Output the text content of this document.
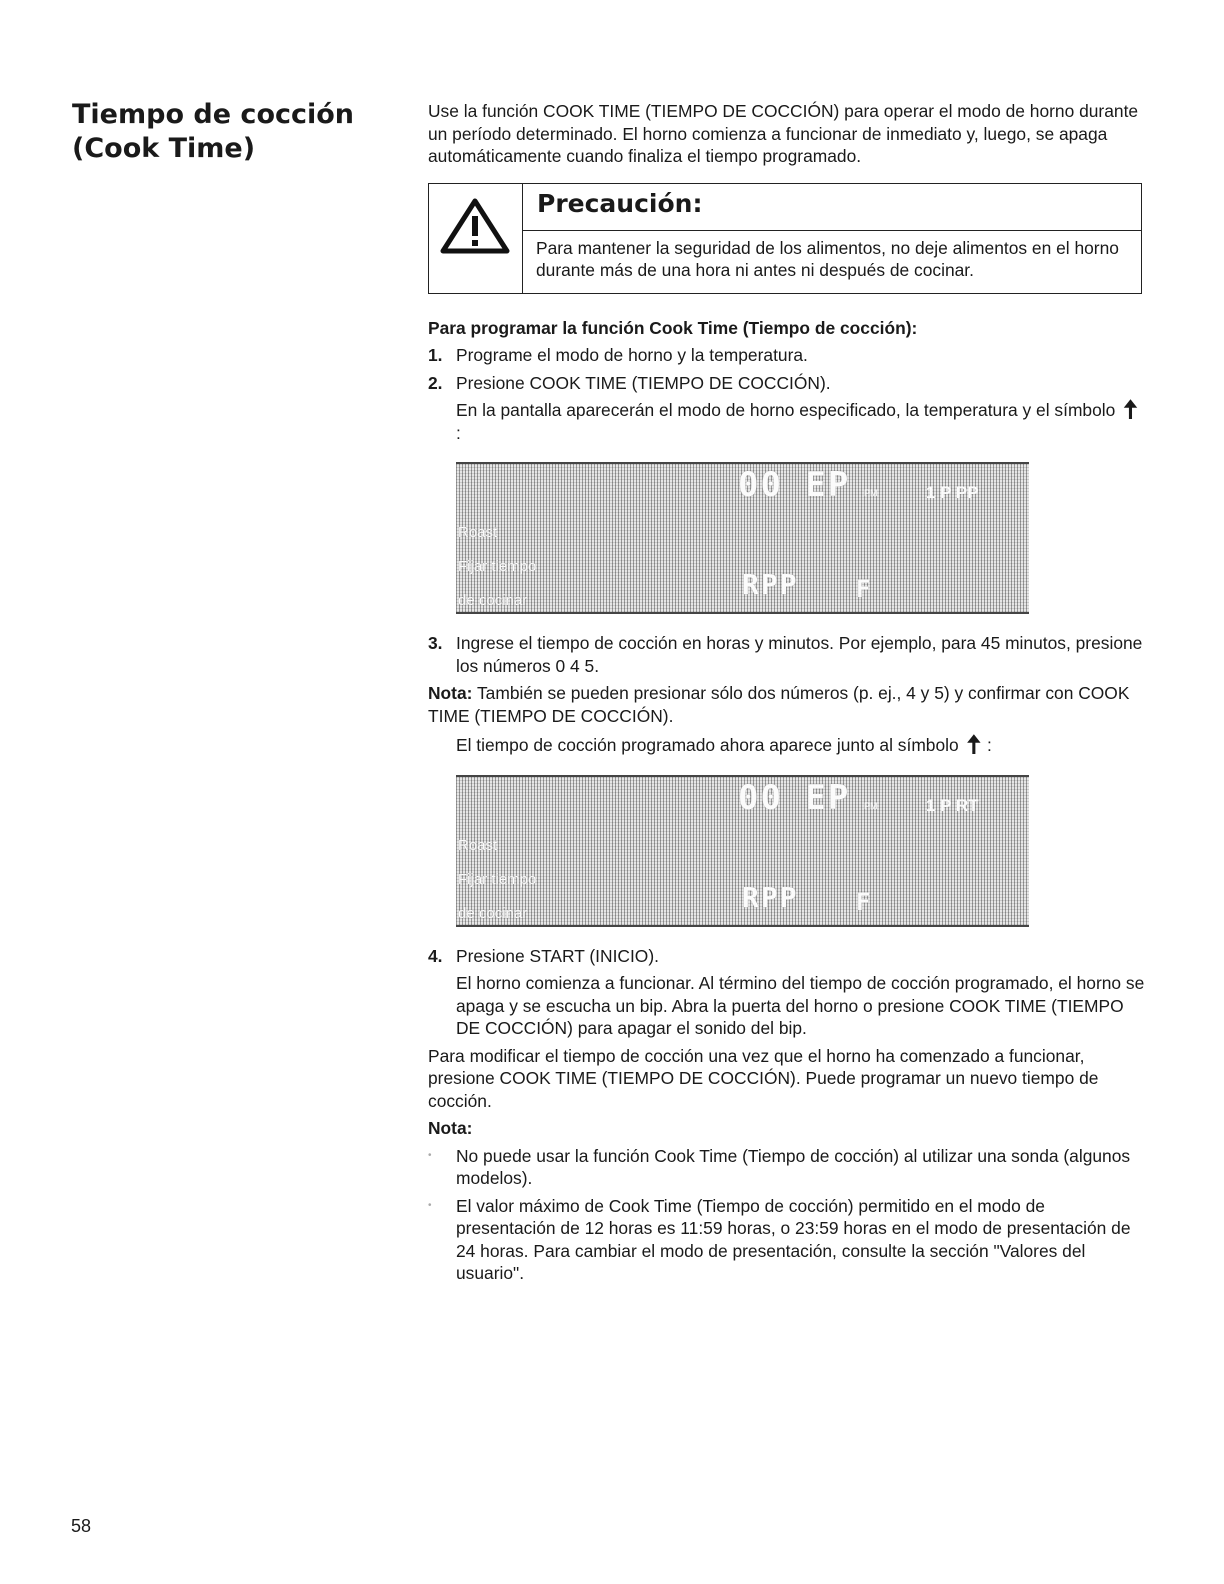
Tiempo de cocción (Cook Time)

Use la función COOK TIME (TIEMPO DE COCCIÓN) para operar el modo de horno durante un período determinado. El horno comienza a funcionar de inmediato y, luego, se apaga automáticamente cuando finaliza el tiempo programado.

Precaución:
Para mantener la seguridad de los alimentos, no deje alimentos en el horno durante más de una hora ni antes ni después de cocinar.

Para programar la función Cook Time (Tiempo de cocción):

1. Programe el modo de horno y la temperatura.

2. Presione COOK TIME (TIEMPO DE COCCIÓN).

En la pantalla aparecerán el modo de horno especificado, la temperatura y el símbolo 🠅:

00 EP PM	1 P PP
Roast
Fijar tiempo
de cocinar	RPP F

3. Ingrese el tiempo de cocción en horas y minutos. Por ejemplo, para 45 minutos, presione los números 0 4 5.

Nota: También se pueden presionar sólo dos números (p. ej., 4 y 5) y confirmar con COOK TIME (TIEMPO DE COCCIÓN).

El tiempo de cocción programado ahora aparece junto al símbolo 🠅 :

00 EP PM	1 P RT
Roast
Fijar tiempo
de cocinar	RPP F

4. Presione START (INICIO).

El horno comienza a funcionar. Al término del tiempo de cocción programado, el horno se apaga y se escucha un bip. Abra la puerta del horno o presione COOK TIME (TIEMPO DE COCCIÓN) para apagar el sonido del bip.

Para modificar el tiempo de cocción una vez que el horno ha comenzado a funcionar, presione COOK TIME (TIEMPO DE COCCIÓN). Puede programar un nuevo tiempo de cocción.

Nota:

• No puede usar la función Cook Time (Tiempo de cocción) al utilizar una sonda (algunos modelos).
• El valor máximo de Cook Time (Tiempo de cocción) permitido en el modo de presentación de 12 horas es 11:59 horas, o 23:59 horas en el modo de presentación de 24 horas. Para cambiar el modo de presentación, consulte la sección "Valores del usuario".
58
